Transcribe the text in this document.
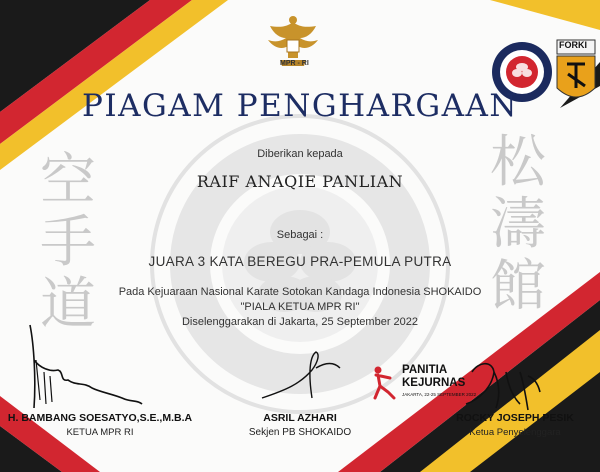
空
手
道
松
濤
館
MPR - RI
FORKI
PIAGAM PENGHARGAAN
Diberikan kepada
RAIF ANAQIE PANLIAN
Sebagai :
JUARA 3 KATA BEREGU PRA-PEMULA PUTRA
Pada Kejuaraan Nasional Karate Sotokan Kandaga Indonesia SHOKAIDO
"PIALA KETUA MPR RI"
Diselenggarakan di Jakarta, 25 September 2022
PANITIA
KEJURNAS
JAKARTA, 22-25 SEPTEMBER 2022
H. BAMBANG SOESATYO,S.E.,M.B.A
KETUA MPR RI
ASRIL AZHARI
Sekjen PB SHOKAIDO
ROCKY JOSEPH PESIK
Ketua Penyelenggara
